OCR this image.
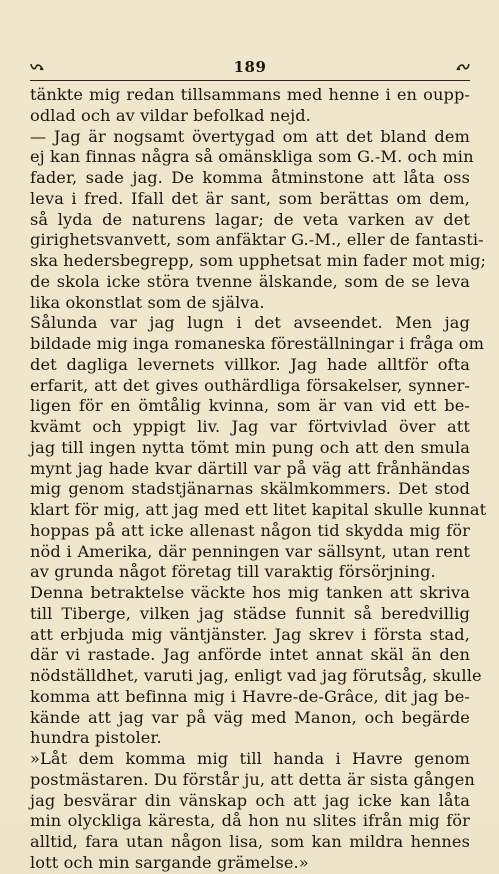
189
tänkte mig redan tillsammans med henne i en oupp-
odlad och av vildar befolkad nejd.
— Jag är nogsamt övertygad om att det bland dem
ej kan finnas några så omänskliga som G.-M. och min
fader, sade jag. De komma åtminstone att låta oss
leva i fred. Ifall det är sant, som berättas om dem,
så lyda de naturens lagar; de veta varken av det
girighetsvanvett, som anfäktar G.-M., eller de fantasti-
ska hedersbegrepp, som upphetsat min fader mot mig;
de skola icke störa tvenne älskande, som de se leva
lika okonstlat som de själva.
Sålunda var jag lugn i det avseendet. Men jag
bildade mig inga romaneska föreställningar i fråga om
det dagliga levernets villkor. Jag hade alltför ofta
erfarit, att det gives outhärdliga försakelser, synner-
ligen för en ömtålig kvinna, som är van vid ett be-
kvämt och yppigt liv. Jag var förtvivlad över att
jag till ingen nytta tömt min pung och att den smula
mynt jag hade kvar därtill var på väg att frånhändas
mig genom stadstjänarnas skälmkommers. Det stod
klart för mig, att jag med ett litet kapital skulle kunnat
hoppas på att icke allenast någon tid skydda mig för
nöd i Amerika, där penningen var sällsynt, utan rent
av grunda något företag till varaktig försörjning.
Denna betraktelse väckte hos mig tanken att skriva
till Tiberge, vilken jag städse funnit så beredvillig
att erbjuda mig väntjänster. Jag skrev i första stad,
där vi rastade. Jag anförde intet annat skäl än den
nödställdhet, varuti jag, enligt vad jag förutsåg, skulle
komma att befinna mig i Havre-de-Grâce, dit jag be-
kände att jag var på väg med Manon, och begärde
hundra pistoler.
»Låt dem komma mig till handa i Havre genom
postmästaren. Du förstår ju, att detta är sista gången
jag besvärar din vänskap och att jag icke kan låta
min olyckliga käresta, då hon nu slites ifrån mig för
alltid, fara utan någon lisa, som kan mildra hennes
lott och min sargande grämelse.»
